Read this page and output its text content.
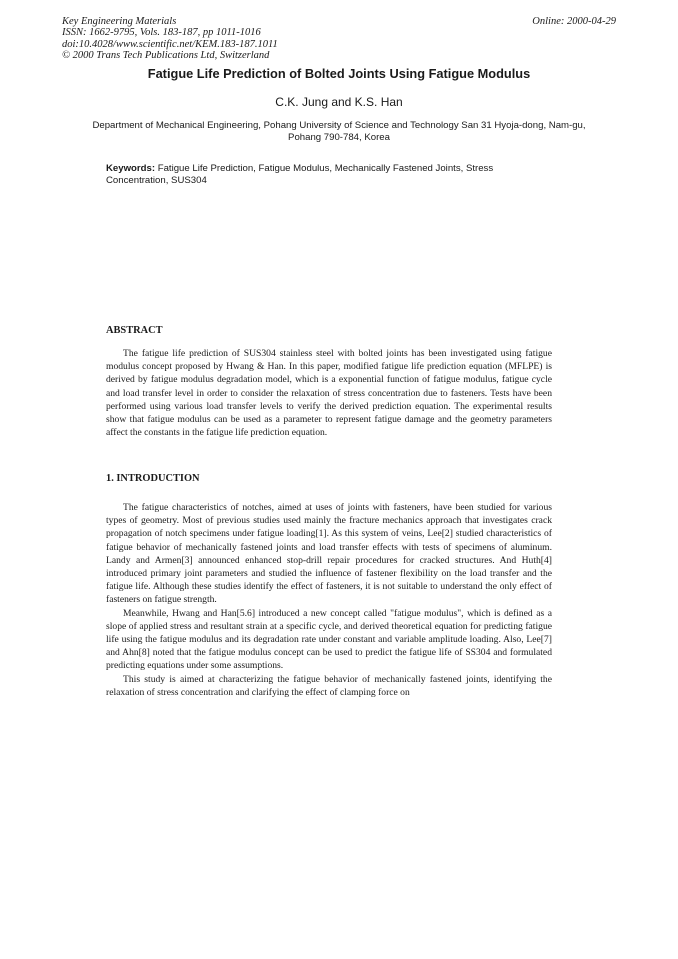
Key Engineering Materials
ISSN: 1662-9795, Vols. 183-187, pp 1011-1016
doi:10.4028/www.scientific.net/KEM.183-187.1011
© 2000 Trans Tech Publications Ltd, Switzerland
Online: 2000-04-29
Fatigue Life Prediction of Bolted Joints Using Fatigue Modulus
C.K. Jung and K.S. Han
Department of Mechanical Engineering, Pohang University of Science and Technology San 31 Hyoja-dong, Nam-gu, Pohang 790-784, Korea
Keywords: Fatigue Life Prediction, Fatigue Modulus, Mechanically Fastened Joints, Stress Concentration, SUS304
ABSTRACT

The fatigue life prediction of SUS304 stainless steel with bolted joints has been investigated using fatigue modulus concept proposed by Hwang & Han. In this paper, modified fatigue life prediction equation (MFLPE) is derived by fatigue modulus degradation model, which is a exponential function of fatigue modulus, fatigue cycle and load transfer level in order to consider the relaxation of stress concentration due to fasteners. Tests have been performed using various load transfer levels to verify the derived prediction equation. The experimental results show that fatigue modulus can be used as a parameter to represent fatigue damage and the geometry parameters affect the constants in the fatigue life prediction equation.

1. INTRODUCTION

The fatigue characteristics of notches, aimed at uses of joints with fasteners, have been studied for various types of geometry. Most of previous studies used mainly the fracture mechanics approach that investigates crack propagation of notch specimens under fatigue loading[1]. As this system of veins, Lee[2] studied characteristics of fatigue behavior of mechanically fastened joints and load transfer effects with tests of specimens of aluminum. Landy and Armen[3] announced enhanced stop-drill repair procedures for cracked structures. And Huth[4] introduced primary joint parameters and studied the influence of fastener flexibility on the load transfer and the fatigue life. Although these studies identify the effect of fasteners, it is not suitable to understand the only effect of fasteners on fatigue strength.

Meanwhile, Hwang and Han[5.6] introduced a new concept called "fatigue modulus", which is defined as a slope of applied stress and resultant strain at a specific cycle, and derived theoretical equation for predicting fatigue life using the fatigue modulus and its degradation rate under constant and variable amplitude loading. Also, Lee[7] and Ahn[8] noted that the fatigue modulus concept can be used to predict the fatigue life of SS304 and formulated predicting equations under some assumptions.

This study is aimed at characterizing the fatigue behavior of mechanically fastened joints, identifying the relaxation of stress concentration and clarifying the effect of clamping force on
